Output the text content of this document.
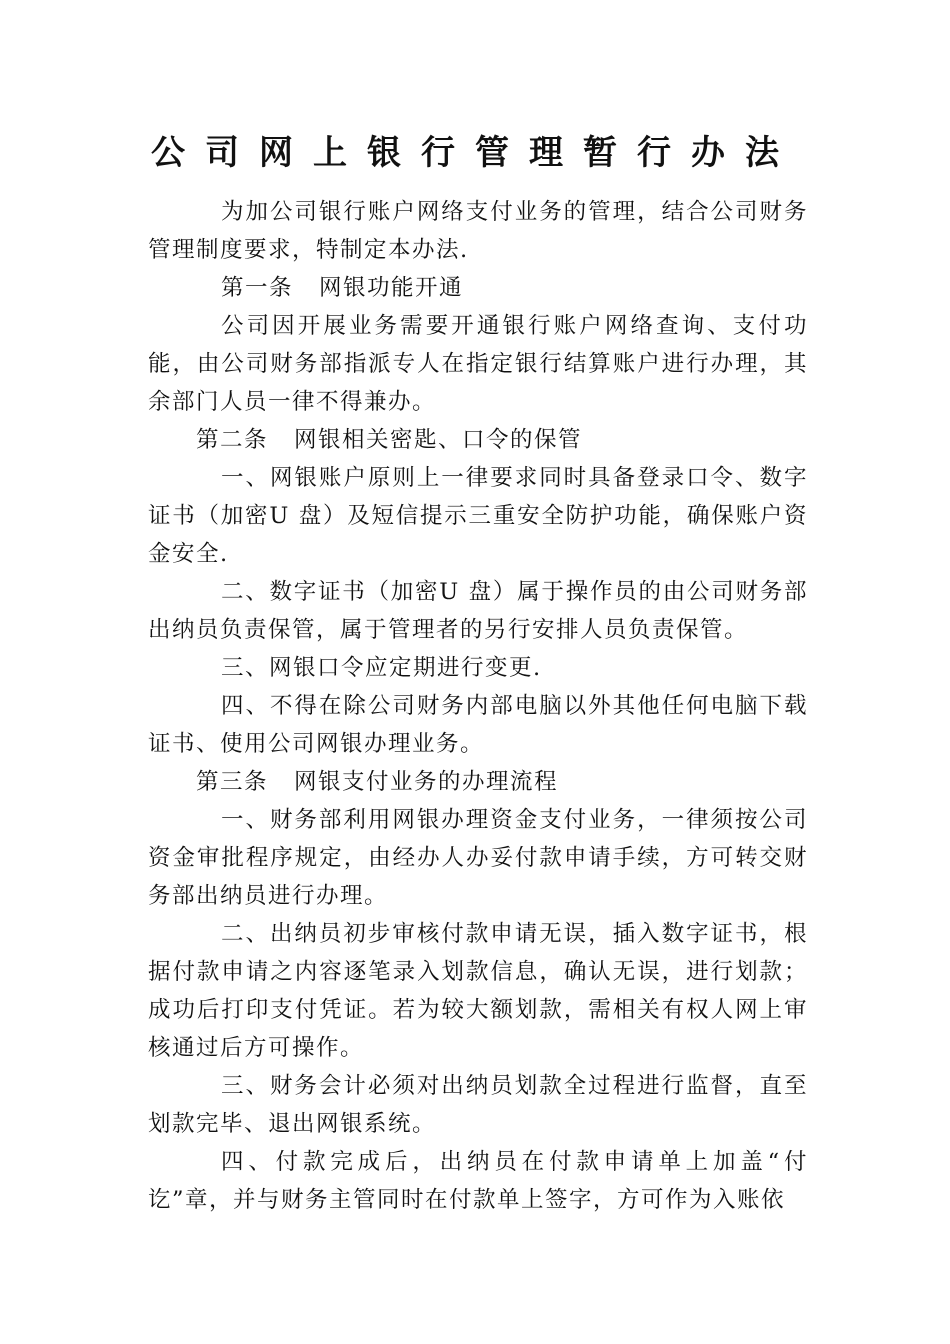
公司网上银行管理暂行办法

为加公司银行账户网络支付业务的管理，结合公司财务管理制度要求，特制定本办法.

第一条   网银功能开通

公司因开展业务需要开通银行账户网络查询、支付功能，由公司财务部指派专人在指定银行结算账户进行办理，其余部门人员一律不得兼办。

第二条   网银相关密匙、口令的保管

一、网银账户原则上一律要求同时具备登录口令、数字证书（加密U 盘）及短信提示三重安全防护功能，确保账户资金安全.

二、数字证书（加密U 盘）属于操作员的由公司财务部出纳员负责保管，属于管理者的另行安排人员负责保管。

三、网银口令应定期进行变更.

四、不得在除公司财务内部电脑以外其他任何电脑下载证书、使用公司网银办理业务。

第三条   网银支付业务的办理流程

一、财务部利用网银办理资金支付业务，一律须按公司资金审批程序规定，由经办人办妥付款申请手续，方可转交财务部出纳员进行办理。

二、出纳员初步审核付款申请无误，插入数字证书，根据付款申请之内容逐笔录入划款信息，确认无误，进行划款；成功后打印支付凭证。若为较大额划款，需相关有权人网上审核通过后方可操作。

三、财务会计必须对出纳员划款全过程进行监督，直至划款完毕、退出网银系统。

四、付款完成后，出纳员在付款申请单上加盖“付讫”章，并与财务主管同时在付款单上签字，方可作为入账依
